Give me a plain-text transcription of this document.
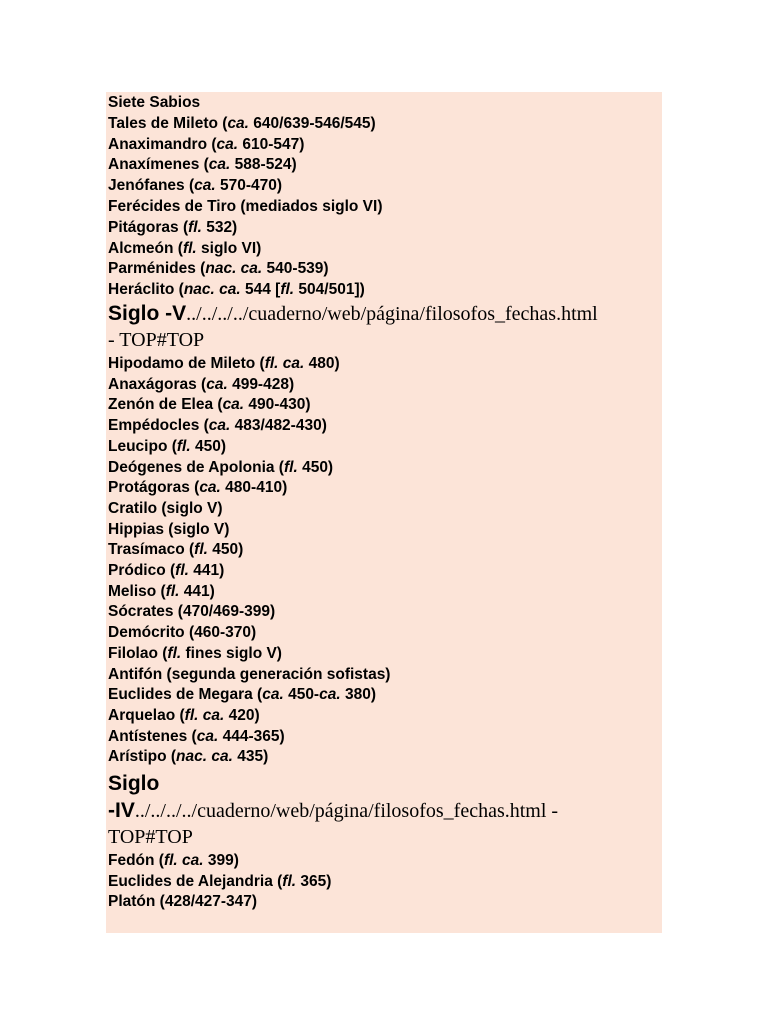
Siete Sabios
Tales de Mileto (ca. 640/639-546/545)
Anaximandro (ca. 610-547)
Anaxímenes (ca. 588-524)
Jenófanes (ca. 570-470)
Ferécides de Tiro (mediados siglo VI)
Pitágoras (fl. 532)
Alcmeón (fl. siglo VI)
Parménides (nac. ca. 540-539)
Heráclito (nac. ca. 544 [fl. 504/501])
Siglo -V../../../../cuaderno/web/página/filosofos_fechas.html
- TOP#TOP
Hipodamo de Mileto (fl. ca. 480)
Anaxágoras (ca. 499-428)
Zenón de Elea (ca. 490-430)
Empédocles (ca. 483/482-430)
Leucipo (fl. 450)
Deógenes de Apolonia (fl. 450)
Protágoras (ca. 480-410)
Cratilo (siglo V)
Hippias (siglo V)
Trasímaco (fl. 450)
Pródico (fl. 441)
Meliso (fl. 441)
Sócrates (470/469-399)
Demócrito (460-370)
Filolao (fl. fines siglo V)
Antifón (segunda generación sofistas)
Euclides de Megara (ca. 450-ca. 380)
Arquelao (fl. ca. 420)
Antístenes (ca. 444-365)
Arístipo (nac. ca. 435)
Siglo
-IV../../../../cuaderno/web/página/filosofos_fechas.html -
TOP#TOP
Fedón (fl. ca. 399)
Euclides de Alejandria (fl. 365)
Platón (428/427-347)
